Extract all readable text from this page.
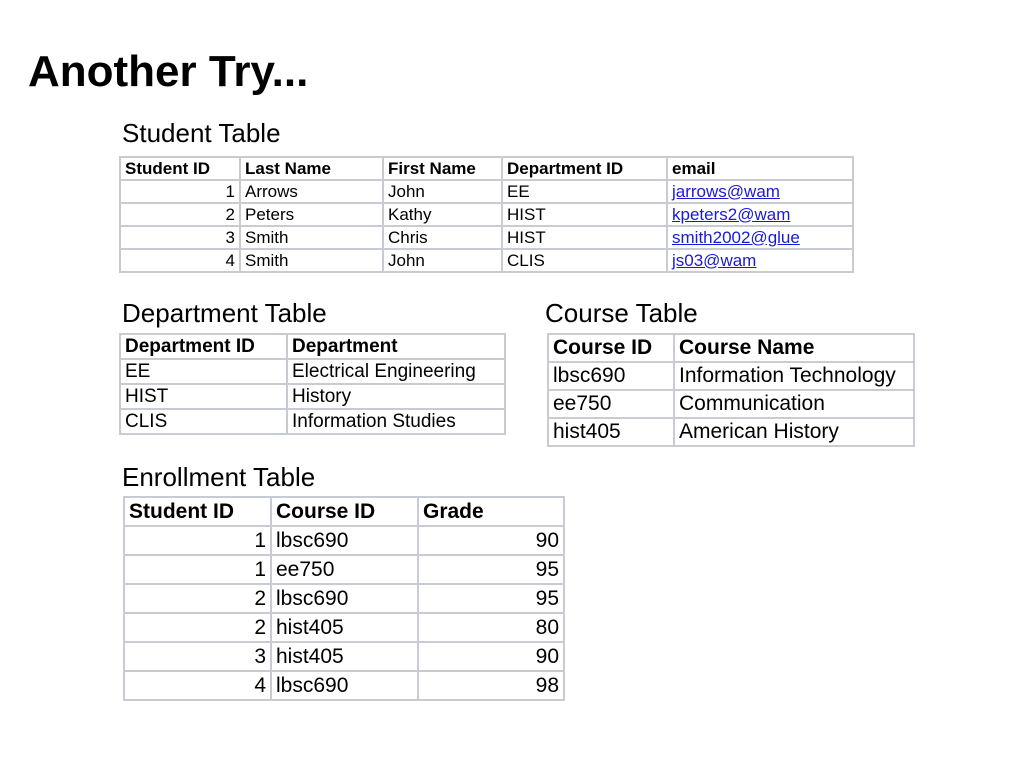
Another Try...

Student Table

Student ID	Last Name	First Name	Department ID	email
1	Arrows	John	EE	jarrows@wam
2	Peters	Kathy	HIST	kpeters2@wam
3	Smith	Chris	HIST	smith2002@glue
4	Smith	John	CLIS	js03@wam

Department Table

Department ID	Department
EE	Electrical Engineering
HIST	History
CLIS	Information Studies

Course Table

Course ID	Course Name
lbsc690	Information Technology
ee750	Communication
hist405	American History

Enrollment Table

Student ID	Course ID	Grade
1	lbsc690	90
1	ee750	95
2	lbsc690	95
2	hist405	80
3	hist405	90
4	lbsc690	98
